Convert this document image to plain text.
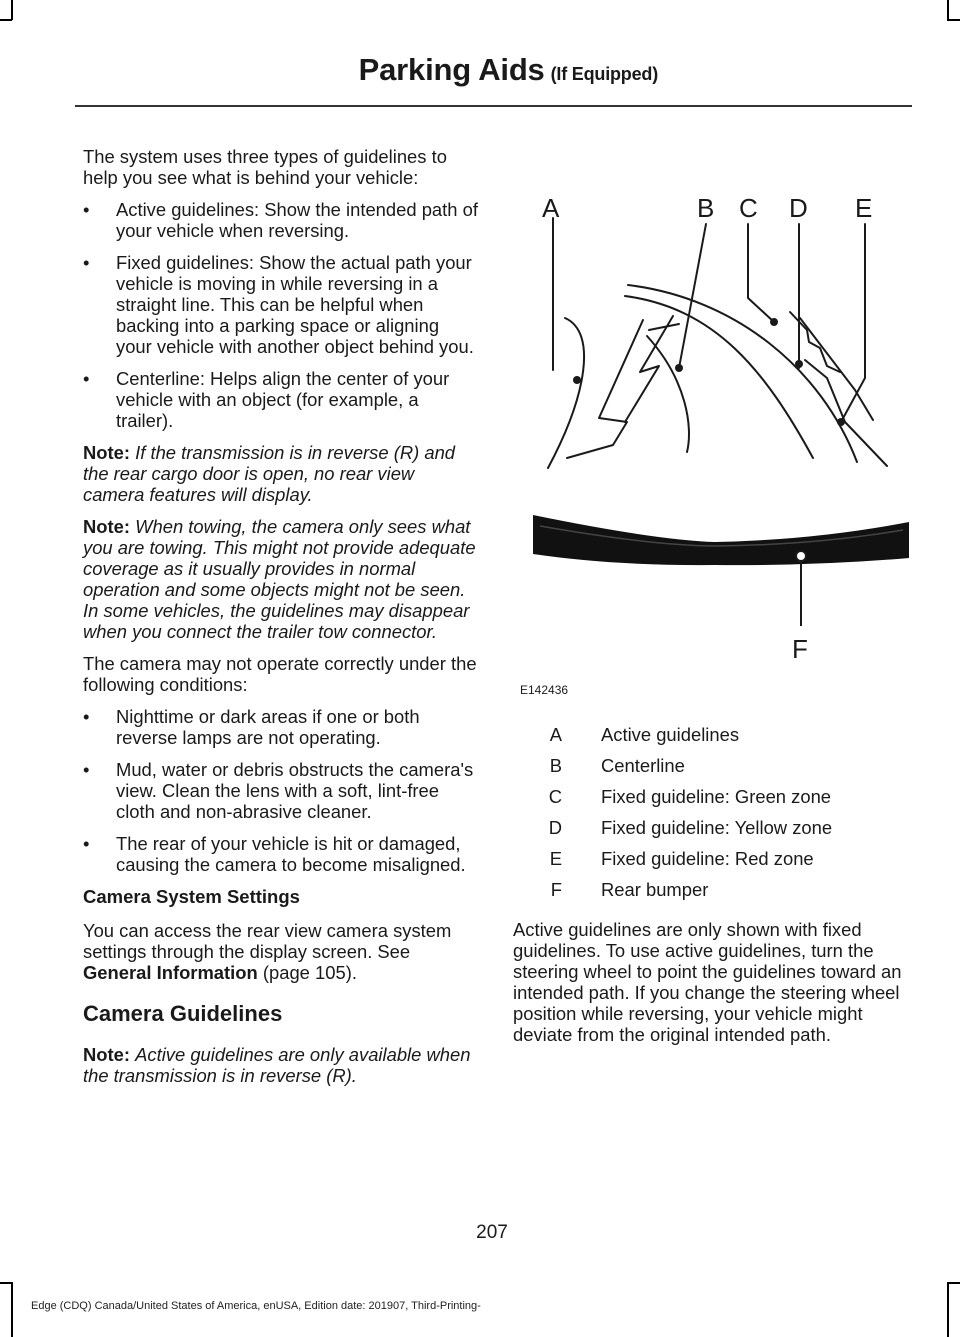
Parking Aids (If Equipped)

The system uses three types of guidelines to help you see what is behind your vehicle:

• Active guidelines: Show the intended path of your vehicle when reversing.
• Fixed guidelines: Show the actual path your vehicle is moving in while reversing in a straight line. This can be helpful when backing into a parking space or aligning your vehicle with another object behind you.
• Centerline: Helps align the center of your vehicle with an object (for example, a trailer).

Note: If the transmission is in reverse (R) and the rear cargo door is open, no rear view camera features will display.

Note: When towing, the camera only sees what you are towing. This might not provide adequate coverage as it usually provides in normal operation and some objects might not be seen. In some vehicles, the guidelines may disappear when you connect the trailer tow connector.

The camera may not operate correctly under the following conditions:

• Nighttime or dark areas if one or both reverse lamps are not operating.
• Mud, water or debris obstructs the camera's view. Clean the lens with a soft, lint-free cloth and non-abrasive cleaner.
• The rear of your vehicle is hit or damaged, causing the camera to become misaligned.

Camera System Settings

You can access the rear view camera system settings through the display screen. See General Information (page 105).

Camera Guidelines

Note: Active guidelines are only available when the transmission is in reverse (R).

A	B C D E
F
E142436
A Active guidelines
B Centerline
C Fixed guideline: Green zone
D Fixed guideline: Yellow zone
E Fixed guideline: Red zone
F Rear bumper

Active guidelines are only shown with fixed guidelines. To use active guidelines, turn the steering wheel to point the guidelines toward an intended path. If you change the steering wheel position while reversing, your vehicle might deviate from the original intended path.

207
Edge (CDQ) Canada/United States of America, enUSA, Edition date: 201907, Third-Printing-
